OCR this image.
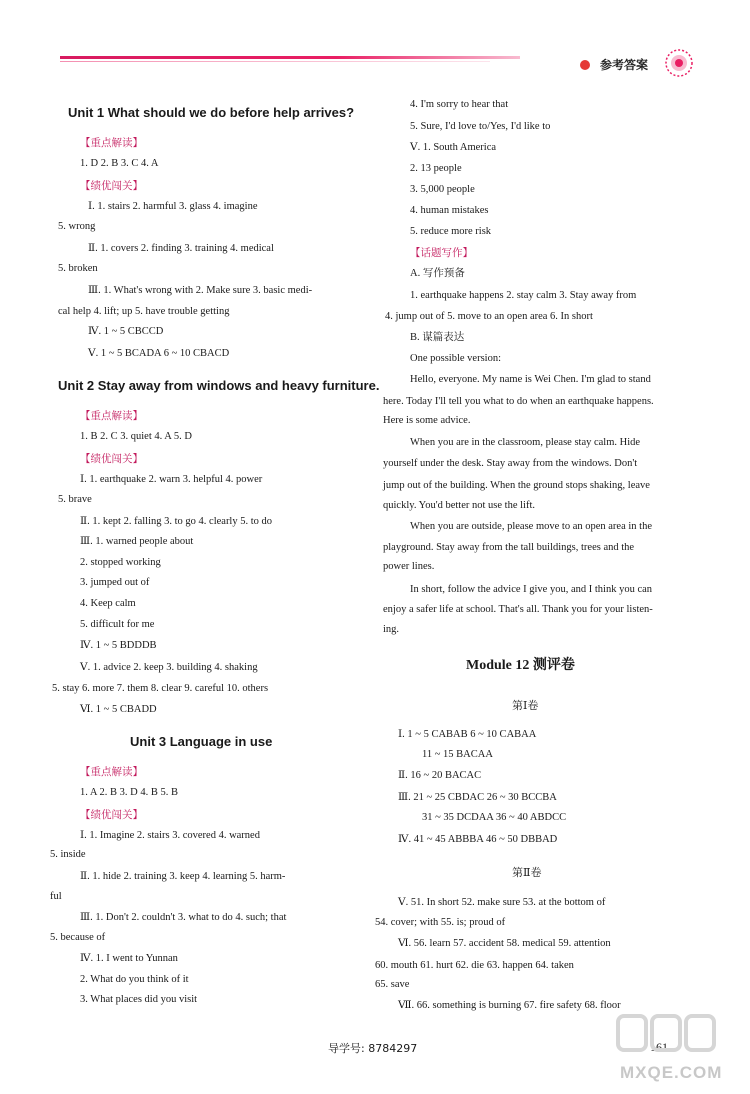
参考答案
Unit 1 What should we do before help arrives?
【重点解读】
1. D 2. B 3. C 4. A
【绩优闯关】
Ⅰ. 1. stairs 2. harmful 3. glass 4. imagine
5. wrong
Ⅱ. 1. covers 2. finding 3. training 4. medical
5. broken
Ⅲ. 1. What's wrong with 2. Make sure 3. basic medi-
cal help 4. lift; up 5. have trouble getting
Ⅳ. 1 ~ 5 CBCCD
Ⅴ. 1 ~ 5 BCADA 6 ~ 10 CBACD
Unit 2 Stay away from windows and heavy furniture.
【重点解读】
1. B 2. C 3. quiet 4. A 5. D
【绩优闯关】
Ⅰ. 1. earthquake 2. warn 3. helpful 4. power
5. brave
Ⅱ. 1. kept 2. falling 3. to go 4. clearly 5. to do
Ⅲ. 1. warned people about
2. stopped working
3. jumped out of
4. Keep calm
5. difficult for me
Ⅳ. 1 ~ 5 BDDDB
Ⅴ. 1. advice 2. keep 3. building 4. shaking
5. stay 6. more 7. them 8. clear 9. careful 10. others
Ⅵ. 1 ~ 5 CBADD
Unit 3 Language in use
【重点解读】
1. A 2. B 3. D 4. B 5. B
【绩优闯关】
Ⅰ. 1. Imagine 2. stairs 3. covered 4. warned
5. inside
Ⅱ. 1. hide 2. training 3. keep 4. learning 5. harm-
ful
Ⅲ. 1. Don't 2. couldn't 3. what to do 4. such; that
5. because of
Ⅳ. 1. I went to Yunnan
2. What do you think of it
3. What places did you visit
4. I'm sorry to hear that
5. Sure, I'd love to/Yes, I'd like to
Ⅴ. 1. South America
2. 13 people
3. 5,000 people
4. human mistakes
5. reduce more risk
【话题写作】
A. 写作预备
1. earthquake happens 2. stay calm 3. Stay away from
4. jump out of 5. move to an open area 6. In short
B. 谋篇表达
One possible version:
Hello, everyone. My name is Wei Chen. I'm glad to stand
here. Today I'll tell you what to do when an earthquake happens.
Here is some advice.
When you are in the classroom, please stay calm. Hide
yourself under the desk. Stay away from the windows. Don't
jump out of the building. When the ground stops shaking, leave
quickly. You'd better not use the lift.
When you are outside, please move to an open area in the
playground. Stay away from the tall buildings, trees and the
power lines.
In short, follow the advice I give you, and I think you can
enjoy a safer life at school. That's all. Thank you for your listen-
ing.
Module 12 测评卷
第Ⅰ卷
Ⅰ. 1 ~ 5 CABAB 6 ~ 10 CABAA
11 ~ 15 BACAA
Ⅱ. 16 ~ 20 BACAC
Ⅲ. 21 ~ 25 CBDAC 26 ~ 30 BCCBA
31 ~ 35 DCDAA 36 ~ 40 ABDCC
Ⅳ. 41 ~ 45 ABBBA 46 ~ 50 DBBAD
第Ⅱ卷
Ⅴ. 51. In short 52. make sure 53. at the bottom of
54. cover; with 55. is; proud of
Ⅵ. 56. learn 57. accident 58. medical 59. attention
60. mouth 61. hurt 62. die 63. happen 64. taken
65. save
Ⅶ. 66. something is burning 67. fire safety 68. floor
导学号: 8784297	161
MXQE.COM
